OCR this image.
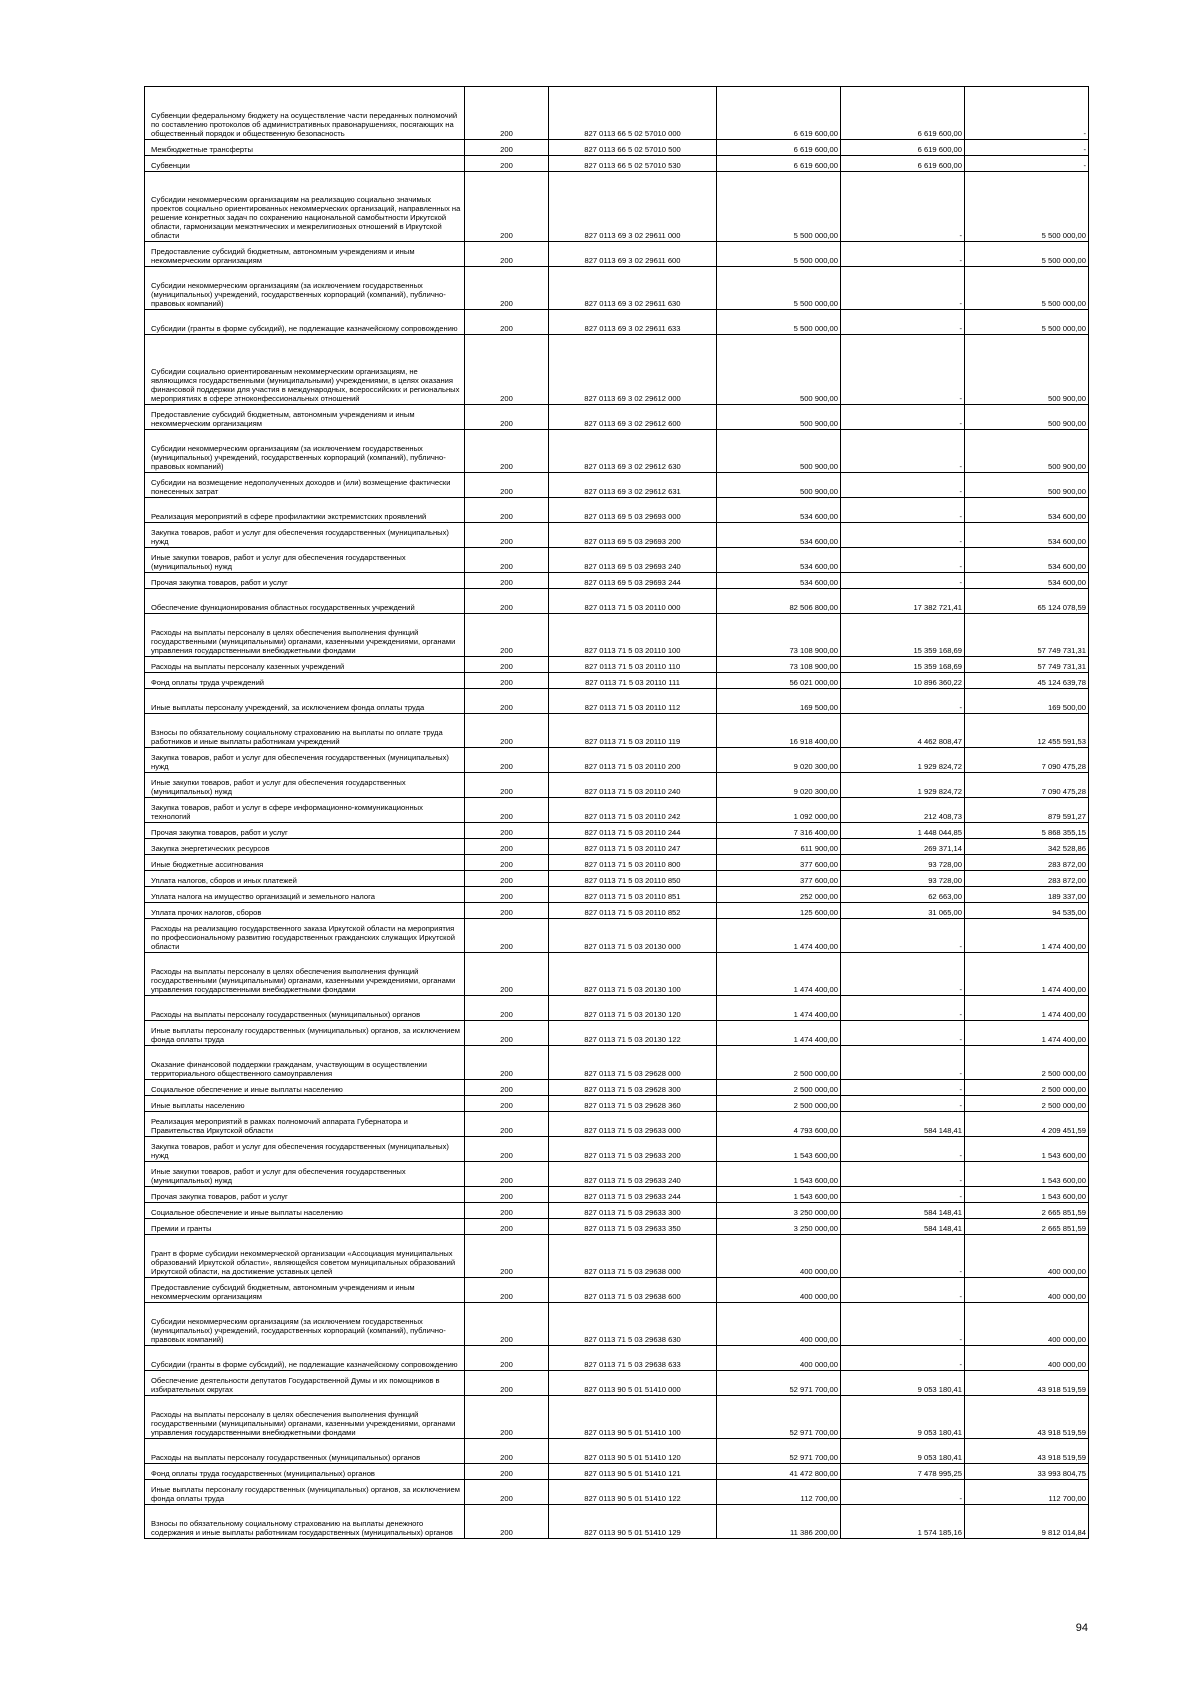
Субвенции федеральному бюджету на осуществление части переданных полномочий по составлению протоколов об административных правонарушениях, посягающих на общественный порядок и общественную безопасность	200	827 0113 66 5 02 57010 000	6 619 600,00	6 619 600,00	-
Межбюджетные трансферты	200	827 0113 66 5 02 57010 500	6 619 600,00	6 619 600,00	-
Субвенции	200	827 0113 66 5 02 57010 530	6 619 600,00	6 619 600,00	-
Субсидии некоммерческим организациям на реализацию социально значимых проектов социально ориентированных некоммерческих организаций, направленных на решение конкретных задач по сохранению национальной самобытности Иркутской области, гармонизации межэтнических и межрелигиозных отношений в Иркутской области	200	827 0113 69 3 02 29611 000	5 500 000,00	-	5 500 000,00
Предоставление субсидий бюджетным, автономным учреждениям и иным некоммерческим организациям	200	827 0113 69 3 02 29611 600	5 500 000,00	-	5 500 000,00
Субсидии некоммерческим организациям (за исключением государственных (муниципальных) учреждений, государственных корпораций (компаний), публично-правовых компаний)	200	827 0113 69 3 02 29611 630	5 500 000,00	-	5 500 000,00
Субсидии (гранты в форме субсидий), не подлежащие казначейскому сопровождению	200	827 0113 69 3 02 29611 633	5 500 000,00	-	5 500 000,00
Субсидии социально ориентированным некоммерческим организациям, не являющимся государственными (муниципальными) учреждениями, в целях оказания финансовой поддержки для участия в международных, всероссийских и региональных мероприятиях в сфере этноконфессиональных отношений	200	827 0113 69 3 02 29612 000	500 900,00	-	500 900,00
Предоставление субсидий бюджетным, автономным учреждениям и иным некоммерческим организациям	200	827 0113 69 3 02 29612 600	500 900,00	-	500 900,00
Субсидии некоммерческим организациям (за исключением государственных (муниципальных) учреждений, государственных корпораций (компаний), публично-правовых компаний)	200	827 0113 69 3 02 29612 630	500 900,00	-	500 900,00
Субсидии на возмещение недополученных доходов и (или) возмещение фактически понесенных затрат	200	827 0113 69 3 02 29612 631	500 900,00	-	500 900,00
Реализация мероприятий в сфере профилактики экстремистских проявлений	200	827 0113 69 5 03 29693 000	534 600,00	-	534 600,00
Закупка товаров, работ и услуг для обеспечения государственных (муниципальных) нужд	200	827 0113 69 5 03 29693 200	534 600,00	-	534 600,00
Иные закупки товаров, работ и услуг для обеспечения государственных (муниципальных) нужд	200	827 0113 69 5 03 29693 240	534 600,00	-	534 600,00
Прочая закупка товаров, работ и услуг	200	827 0113 69 5 03 29693 244	534 600,00	-	534 600,00
Обеспечение функционирования областных государственных учреждений	200	827 0113 71 5 03 20110 000	82 506 800,00	17 382 721,41	65 124 078,59
Расходы на выплаты персоналу в целях обеспечения выполнения функций государственными (муниципальными) органами, казенными учреждениями, органами управления государственными внебюджетными фондами	200	827 0113 71 5 03 20110 100	73 108 900,00	15 359 168,69	57 749 731,31
Расходы на выплаты персоналу казенных учреждений	200	827 0113 71 5 03 20110 110	73 108 900,00	15 359 168,69	57 749 731,31
Фонд оплаты труда учреждений	200	827 0113 71 5 03 20110 111	56 021 000,00	10 896 360,22	45 124 639,78
Иные выплаты персоналу учреждений, за исключением фонда оплаты труда	200	827 0113 71 5 03 20110 112	169 500,00	-	169 500,00
Взносы по обязательному социальному страхованию на выплаты по оплате труда работников и иные выплаты работникам учреждений	200	827 0113 71 5 03 20110 119	16 918 400,00	4 462 808,47	12 455 591,53
Закупка товаров, работ и услуг для обеспечения государственных (муниципальных) нужд	200	827 0113 71 5 03 20110 200	9 020 300,00	1 929 824,72	7 090 475,28
Иные закупки товаров, работ и услуг для обеспечения государственных (муниципальных) нужд	200	827 0113 71 5 03 20110 240	9 020 300,00	1 929 824,72	7 090 475,28
Закупка товаров, работ и услуг в сфере информационно-коммуникационных технологий	200	827 0113 71 5 03 20110 242	1 092 000,00	212 408,73	879 591,27
Прочая закупка товаров, работ и услуг	200	827 0113 71 5 03 20110 244	7 316 400,00	1 448 044,85	5 868 355,15
Закупка энергетических ресурсов	200	827 0113 71 5 03 20110 247	611 900,00	269 371,14	342 528,86
Иные бюджетные ассигнования	200	827 0113 71 5 03 20110 800	377 600,00	93 728,00	283 872,00
Уплата налогов, сборов и иных платежей	200	827 0113 71 5 03 20110 850	377 600,00	93 728,00	283 872,00
Уплата налога на имущество организаций и земельного налога	200	827 0113 71 5 03 20110 851	252 000,00	62 663,00	189 337,00
Уплата прочих налогов, сборов	200	827 0113 71 5 03 20110 852	125 600,00	31 065,00	94 535,00
Расходы на реализацию государственного заказа Иркутской области на мероприятия по профессиональному развитию государственных гражданских служащих Иркутской области	200	827 0113 71 5 03 20130 000	1 474 400,00	-	1 474 400,00
Расходы на выплаты персоналу в целях обеспечения выполнения функций государственными (муниципальными) органами, казенными учреждениями, органами управления государственными внебюджетными фондами	200	827 0113 71 5 03 20130 100	1 474 400,00	-	1 474 400,00
Расходы на выплаты персоналу государственных (муниципальных) органов	200	827 0113 71 5 03 20130 120	1 474 400,00	-	1 474 400,00
Иные выплаты персоналу государственных (муниципальных) органов, за исключением фонда оплаты труда	200	827 0113 71 5 03 20130 122	1 474 400,00	-	1 474 400,00
Оказание финансовой поддержки гражданам, участвующим в осуществлении территориального общественного самоуправления	200	827 0113 71 5 03 29628 000	2 500 000,00	-	2 500 000,00
Социальное обеспечение и иные выплаты населению	200	827 0113 71 5 03 29628 300	2 500 000,00	-	2 500 000,00
Иные выплаты населению	200	827 0113 71 5 03 29628 360	2 500 000,00	-	2 500 000,00
Реализация мероприятий в рамках полномочий аппарата Губернатора и Правительства Иркутской области	200	827 0113 71 5 03 29633 000	4 793 600,00	584 148,41	4 209 451,59
Закупка товаров, работ и услуг для обеспечения государственных (муниципальных) нужд	200	827 0113 71 5 03 29633 200	1 543 600,00	-	1 543 600,00
Иные закупки товаров, работ и услуг для обеспечения государственных (муниципальных) нужд	200	827 0113 71 5 03 29633 240	1 543 600,00	-	1 543 600,00
Прочая закупка товаров, работ и услуг	200	827 0113 71 5 03 29633 244	1 543 600,00	-	1 543 600,00
Социальное обеспечение и иные выплаты населению	200	827 0113 71 5 03 29633 300	3 250 000,00	584 148,41	2 665 851,59
Премии и гранты	200	827 0113 71 5 03 29633 350	3 250 000,00	584 148,41	2 665 851,59
Грант в форме субсидии некоммерческой организации «Ассоциация муниципальных образований Иркутской области», являющейся советом муниципальных образований Иркутской области, на достижение уставных целей	200	827 0113 71 5 03 29638 000	400 000,00	-	400 000,00
Предоставление субсидий бюджетным, автономным учреждениям и иным некоммерческим организациям	200	827 0113 71 5 03 29638 600	400 000,00	-	400 000,00
Субсидии некоммерческим организациям (за исключением государственных (муниципальных) учреждений, государственных корпораций (компаний), публично-правовых компаний)	200	827 0113 71 5 03 29638 630	400 000,00	-	400 000,00
Субсидии (гранты в форме субсидий), не подлежащие казначейскому сопровождению	200	827 0113 71 5 03 29638 633	400 000,00	-	400 000,00
Обеспечение деятельности депутатов Государственной Думы и их помощников в избирательных округах	200	827 0113 90 5 01 51410 000	52 971 700,00	9 053 180,41	43 918 519,59
Расходы на выплаты персоналу в целях обеспечения выполнения функций государственными (муниципальными) органами, казенными учреждениями, органами управления государственными внебюджетными фондами	200	827 0113 90 5 01 51410 100	52 971 700,00	9 053 180,41	43 918 519,59
Расходы на выплаты персоналу государственных (муниципальных) органов	200	827 0113 90 5 01 51410 120	52 971 700,00	9 053 180,41	43 918 519,59
Фонд оплаты труда государственных (муниципальных) органов	200	827 0113 90 5 01 51410 121	41 472 800,00	7 478 995,25	33 993 804,75
Иные выплаты персоналу государственных (муниципальных) органов, за исключением фонда оплаты труда	200	827 0113 90 5 01 51410 122	112 700,00	-	112 700,00
Взносы по обязательному социальному страхованию на выплаты денежного содержания и иные выплаты работникам государственных (муниципальных) органов	200	827 0113 90 5 01 51410 129	11 386 200,00	1 574 185,16	9 812 014,84
94
